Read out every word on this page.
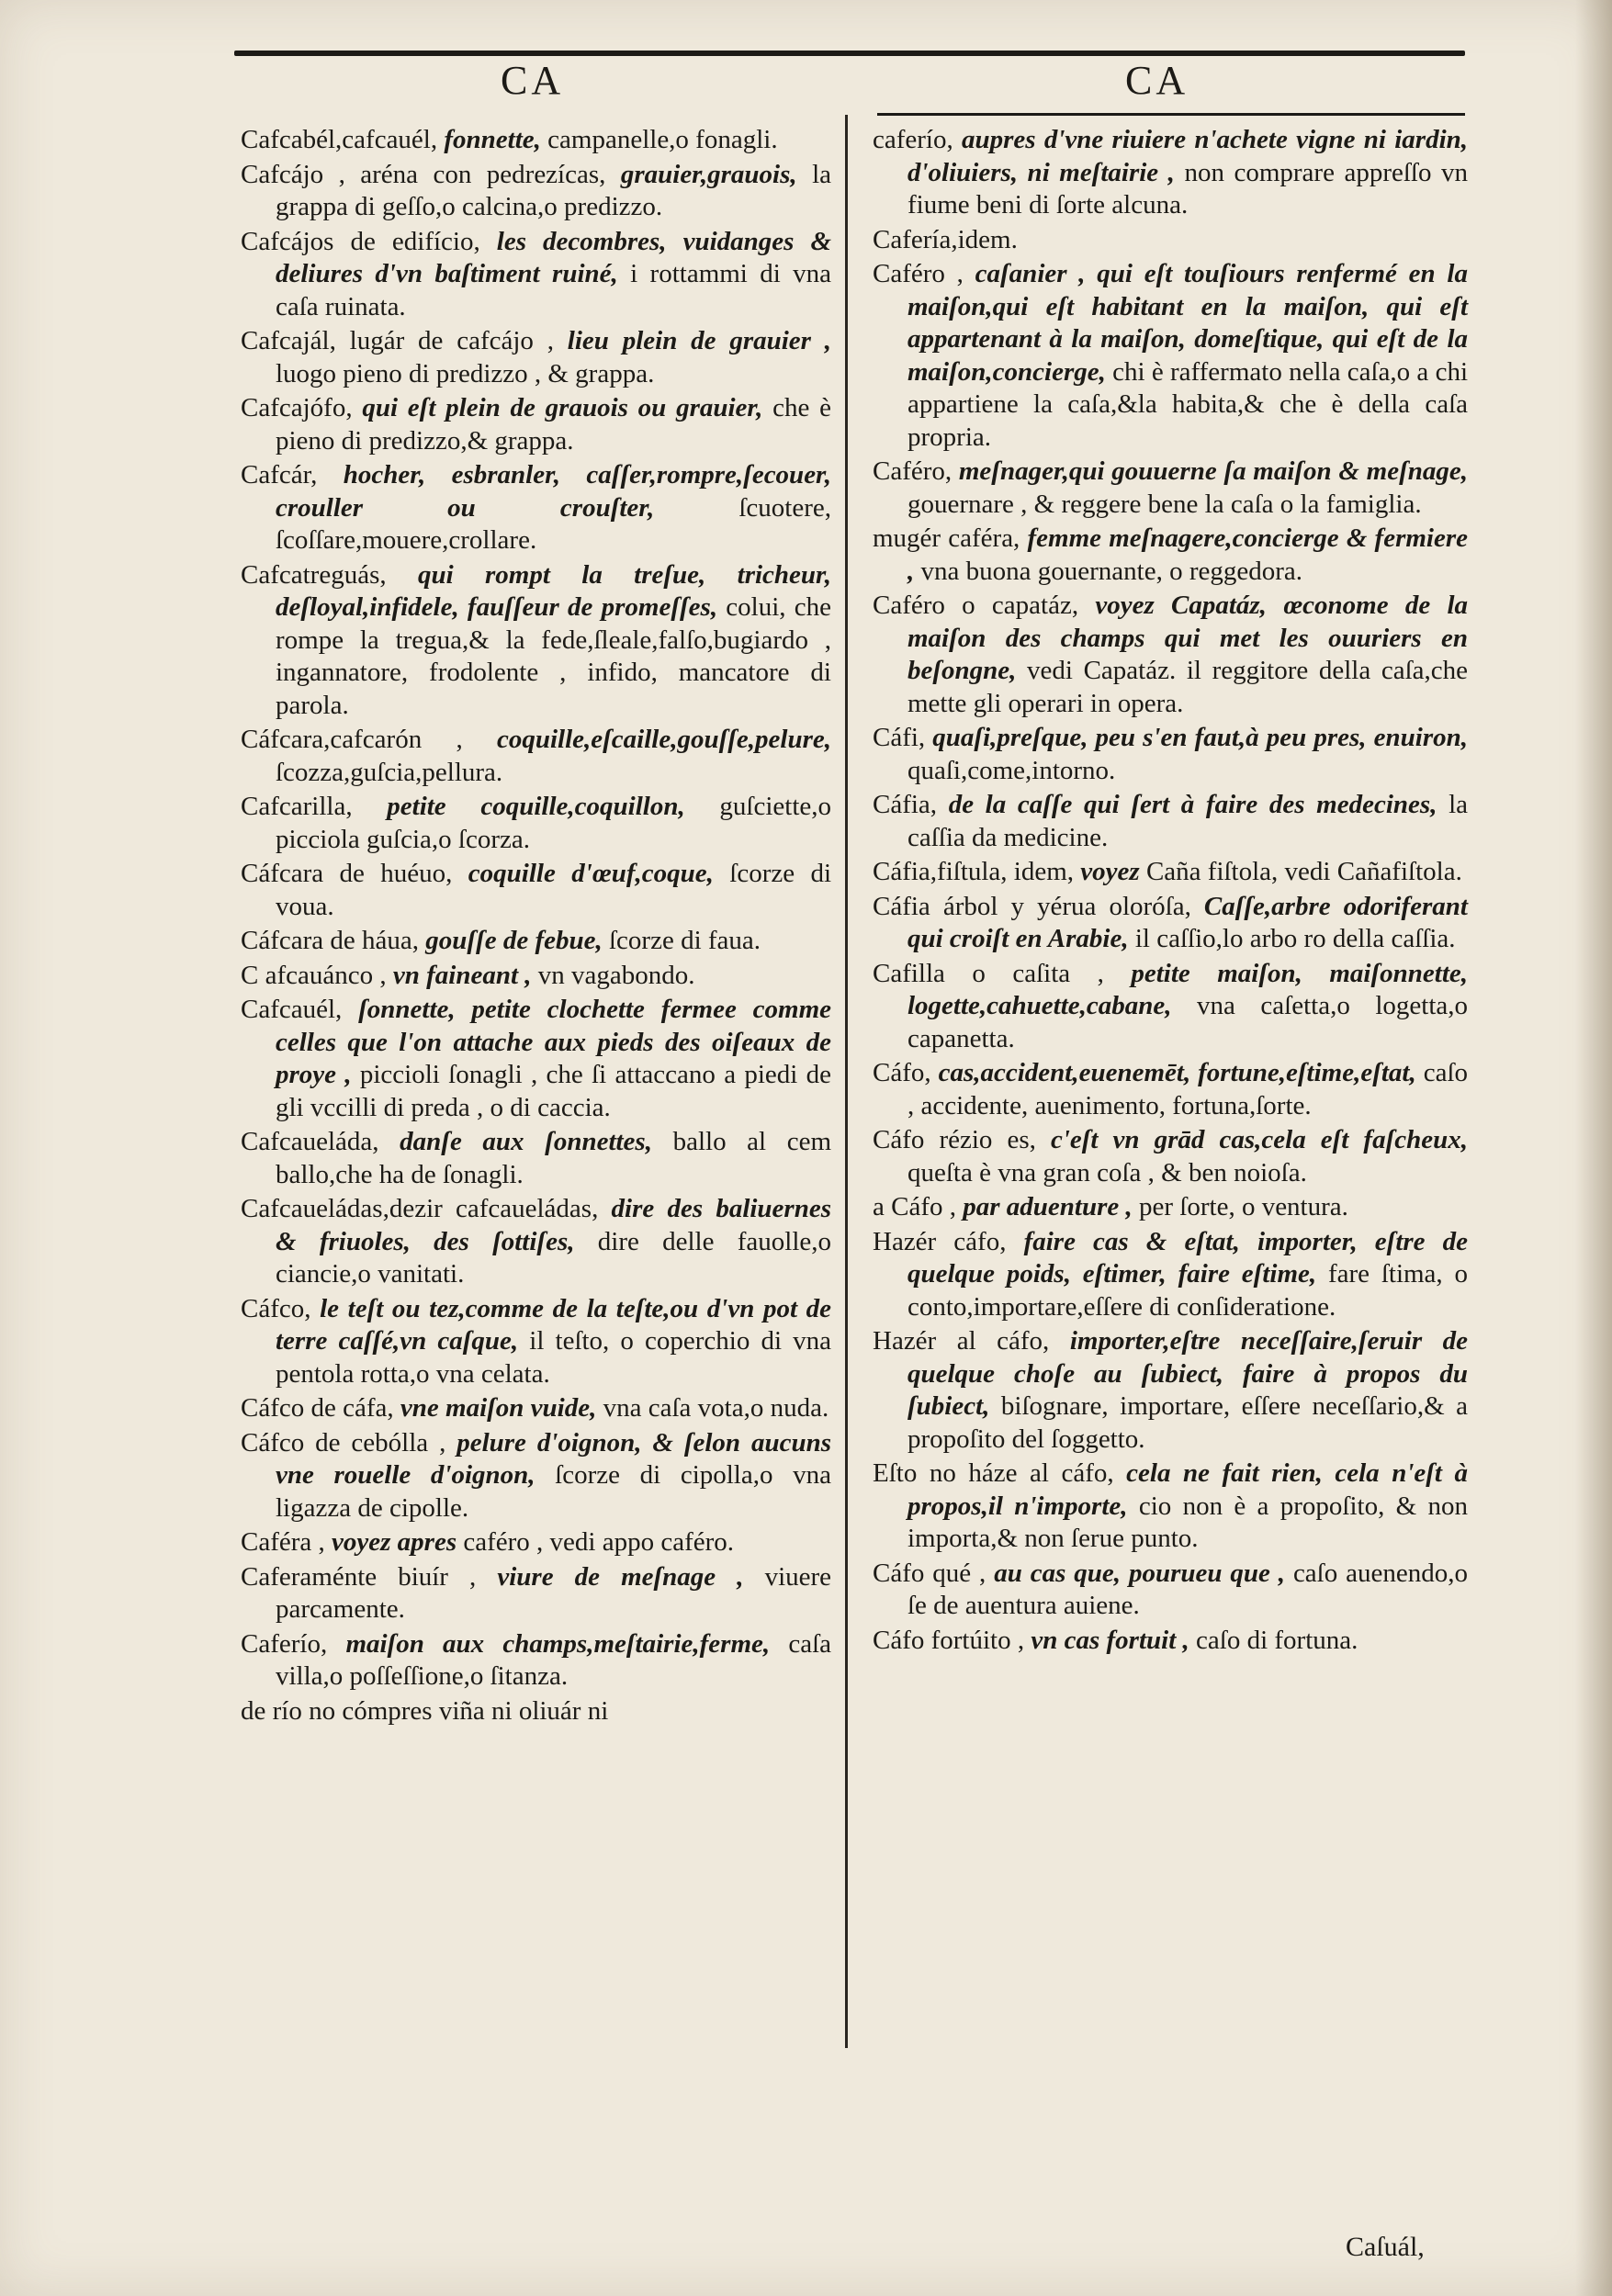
CA	CA

Cafcabél,cafcauél, fonnette, campanelle,o fonagli.

Cafcájo , aréna con pedrezícas, grauier,grauois, la grappa di geſſo,o calcina,o predizzo.

Cafcájos de edifício, les decombres, vuidanges & deliures d'vn baſtiment ruiné, i rottammi di vna caſa ruinata.

Cafcajál, lugár de cafcájo , lieu plein de grauier , luogo pieno di predizzo , & grappa.

Cafcajófo, qui eſt plein de grauois ou grauier, che è pieno di predizzo,& grappa.

Cafcár, hocher, esbranler, caſſer,rompre,ſecouer, crouller ou crouſter,	ſcuotere, ſcoſſare,mouere,crollare.

Cafcatreguás, qui rompt la treſue, tricheur, deſloyal,infidele, fauſſeur de promeſſes, colui, che rompe la tregua,& la fede,ſleale,falſo,bugiardo , ingannatore, frodolente , infido, mancatore di parola.

Cáfcara,cafcarón , coquille,eſcaille,gouſſe,pelure, ſcozza,guſcia,pellura.

Cafcarilla, petite coquille,coquillon, guſciette,o picciola guſcia,o ſcorza.

Cáfcara de huéuo, coquille d'œuf,coque, ſcorze di voua.

Cáfcara de háua, gouſſe de febue, ſcorze di faua.

C afcauánco , vn faineant , vn vagabondo.

Cafcauél, ſonnette, petite clochette fermee comme celles que l'on attache aux pieds des oiſeaux de proye , piccioli ſonagli , che ſi attaccano a piedi de gli vccilli di preda , o di caccia.

Cafcaueláda, danſe aux ſonnettes, ballo al cem ballo,che ha de ſonagli.

Cafcaueládas,dezir cafcaueládas, dire des baliuernes & friuoles, des ſottiſes, dire delle fauolle,o ciancie,o vanitati.

Cáfco, le teſt ou tez,comme de la teſte,ou d'vn pot de terre caſſé,vn caſque, il teſto, o coperchio di vna pentola rotta,o vna celata.

Cáfco de cáfa, vne maiſon vuide, vna caſa vota,o nuda.

Cáfco de cebólla , pelure d'oignon, & ſelon aucuns vne rouelle d'oignon, ſcorze di cipolla,o vna ligazza de cipolle.

Caféra , voyez apres caféro , vedi appo caféro.

Caferaménte biuír , viure de meſnage , viuere parcamente.

Caferío, maiſon aux champs,meſtairie,ferme, caſa villa,o poſſeſſione,o ſitanza.

de río no cómpres viña ni oliuár ni

caferío, aupres d'vne riuiere n'achete vigne ni iardin, d'oliuiers, ni meſtairie , non comprare appreſſo vn fiume beni di ſorte alcuna.

Cafería,idem.

Caféro , caſanier , qui eſt touſiours renfermé en la maiſon,qui eſt habitant en la maiſon, qui eſt appartenant à la maiſon, domeſtique, qui eſt de la maiſon,concierge, chi è raffermato nella caſa,o a chi appartiene la caſa,&la habita,& che è della caſa propria.

Caféro, meſnager,qui gouuerne ſa maiſon & meſnage, gouernare , & reggere bene la caſa o la famiglia.

mugér caféra, femme meſnagere,concierge & fermiere , vna buona gouernante, o reggedora.

Caféro o capatáz, voyez Capatáz, œconome de la maiſon des champs qui met les ouuriers en beſongne, vedi Capatáz. il reggitore della caſa,che mette gli operari in opera.

Cáfi, quaſi,preſque, peu s'en faut,à peu pres, enuiron, quaſi,come,intorno.

Cáfia, de la caſſe qui ſert à faire des medecines, la caſſia da medicine.

Cáfia,fiſtula, idem, voyez Caña fiſtola, vedi Cañafiſtola.

Cáfia árbol y yérua oloróſa, Caſſe,arbre odoriferant qui croiſt en Arabie, il caſſio,lo arbo ro della caſſia.

Cafilla o caſita , petite maiſon, maiſonnette, logette,cahuette,cabane, vna caſetta,o logetta,o capanetta.

Cáfo, cas,accident,euenemēt, fortune,eſtime,eſtat, caſo , accidente, auenimento, fortuna,ſorte.

Cáfo rézio es, c'eſt vn grād cas,cela eſt faſcheux, queſta è vna gran coſa , & ben noioſa.

a Cáfo , par aduenture , per ſorte, o ventura.

Hazér cáfo, faire cas & eſtat, importer, eſtre de quelque poids, eſtimer, faire eſtime, fare ſtima, o conto,importare,eſſere di conſideratione.

Hazér al cáfo, importer,eſtre neceſſaire,ſeruir de quelque choſe au ſubiect, faire à propos du ſubiect, biſognare, importare, eſſere neceſſario,& a propoſito del ſoggetto.

Eſto no háze al cáfo, cela ne fait rien, cela n'eſt à propos,il n'importe, cio non è a propoſito, & non importa,& non ſerue punto.

Cáfo qué , au cas que, pourueu que , caſo auenendo,o ſe de auentura auiene.

Cáfo fortúito , vn cas fortuit , caſo di fortuna.

Caſuál,
